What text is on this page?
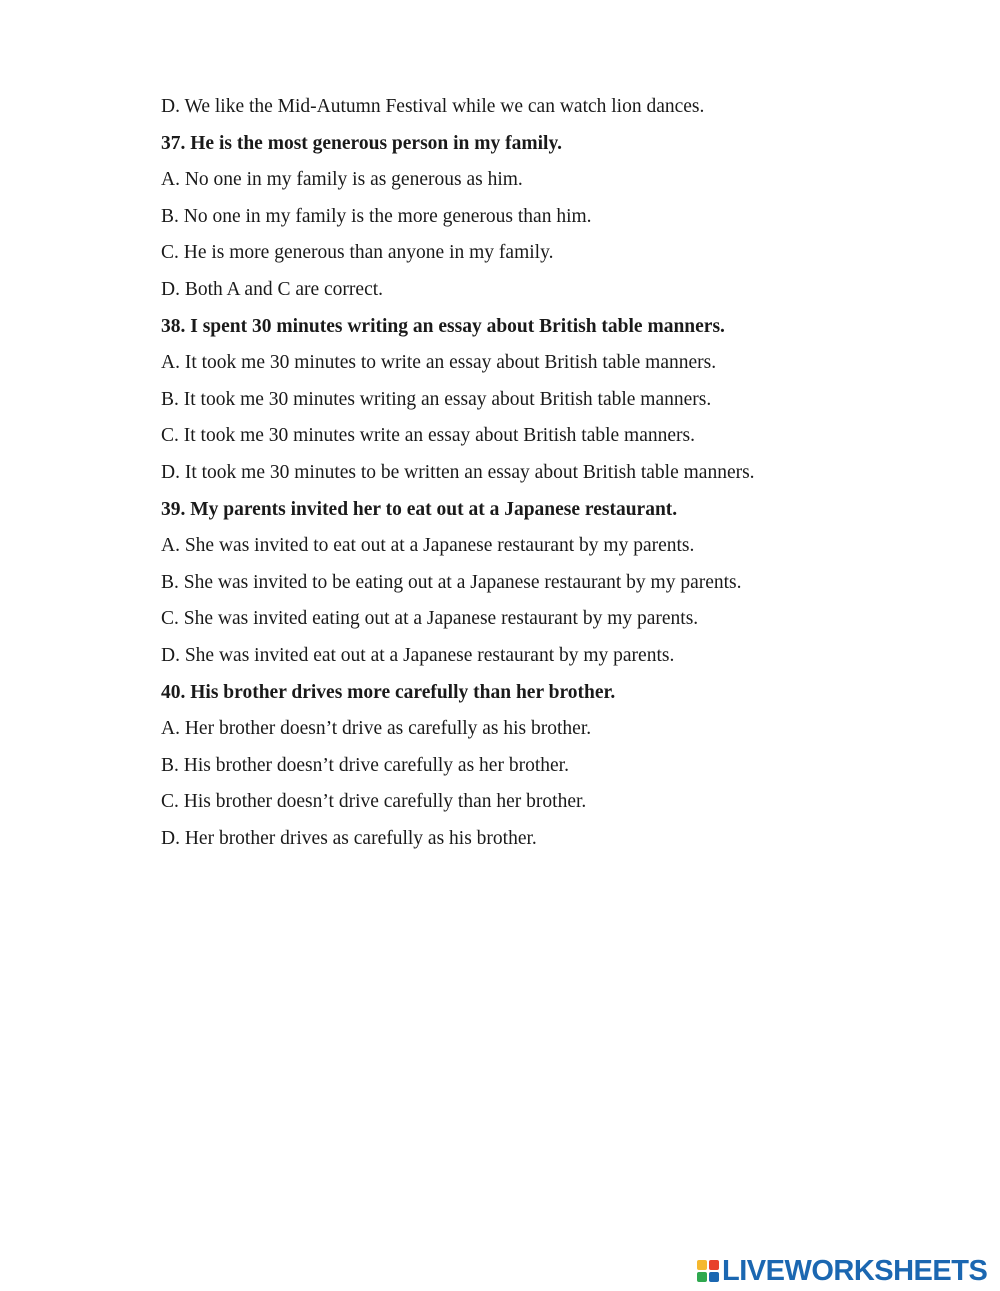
D. We like the Mid-Autumn Festival while we can watch lion dances.
37. He is the most generous person in my family.
A. No one in my family is as generous as him.
B. No one in my family is the more generous than him.
C. He is more generous than anyone in my family.
D. Both A and C are correct.
38. I spent 30 minutes writing an essay about British table manners.
A. It took me 30 minutes to write an essay about British table manners.
B. It took me 30 minutes writing an essay about British table manners.
C. It took me 30 minutes write an essay about British table manners.
D. It took me 30 minutes to be written an essay about British table manners.
39. My parents invited her to eat out at a Japanese restaurant.
A. She was invited to eat out at a Japanese restaurant by my parents.
B. She was invited to be eating out at a Japanese restaurant by my parents.
C. She was invited eating out at a Japanese restaurant by my parents.
D. She was invited eat out at a Japanese restaurant by my parents.
40. His brother drives more carefully than her brother.
A. Her brother doesn’t drive as carefully as his brother.
B. His brother doesn’t drive carefully as her brother.
C. His brother doesn’t drive carefully than her brother.
D. Her brother drives as carefully as his brother.
LIVEWORKSHEETS
